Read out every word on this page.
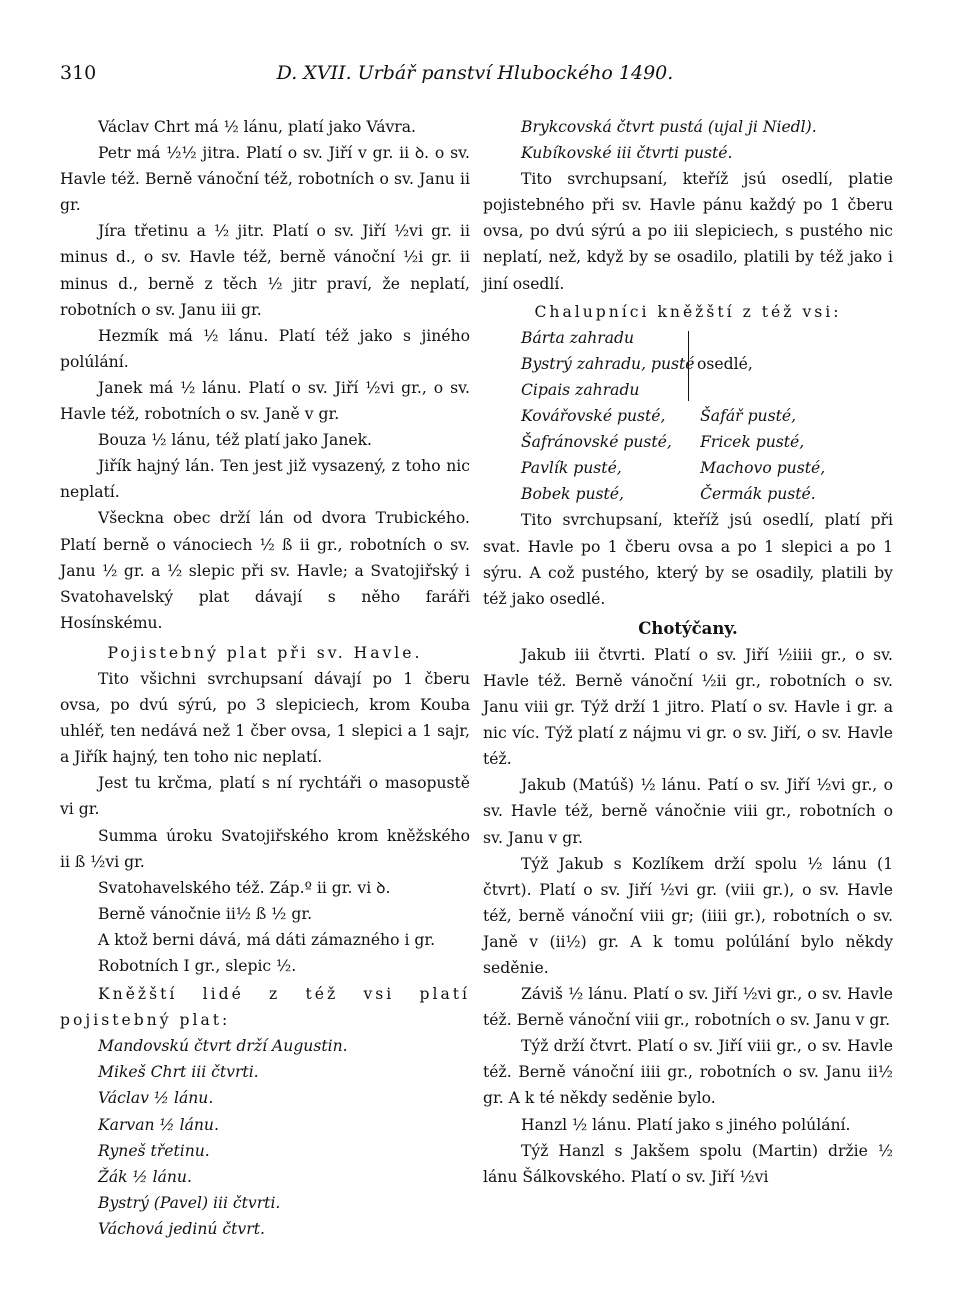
310	D. XVII. Urbář panství Hlubockého 1490.

Václav Chrt má ½ lánu, platí jako Vávra.

Petr má ½½ jitra. Platí o sv. Jiří v gr. ii ꝺ. o sv. Havle též. Berně vánoční též, robotních o sv. Janu ii gr.

Jíra třetinu a ½ jitr. Platí o sv. Jiří ½vi gr. ii minus d., o sv. Havle též, berně vánoční ½i gr. ii minus d., berně z těch ½ jitr praví, že neplatí, robotních o sv. Janu iii gr.

Hezmík má ½ lánu. Platí též jako s jiného polúlání.

Janek má ½ lánu. Platí o sv. Jiří ½vi gr., o sv. Havle též, robotních o sv. Janě v gr.

Bouza ½ lánu, též platí jako Janek.

Jiřík hajný lán. Ten jest již vysazený, z toho nic neplatí.

Všeckna obec drží lán od dvora Trubického. Platí berně o vánociech ½ ß ii gr., robotních o sv. Janu ½ gr. a ½ slepic při sv. Havle; a Svatojiřský i Svatohavelský plat dávají s něho faráři Hosínskému.

Pojistebný plat při sv. Havle.

Tito všichni svrchupsaní dávají po 1 čberu ovsa, po dvú sýrú, po 3 slepiciech, krom Kouba uhléř, ten nedává než 1 čber ovsa, 1 slepici a 1 sajr, a Jiřík hajný, ten toho nic neplatí.

Jest tu krčma, platí s ní rychtáři o masopustě vi gr.

Summa úroku Svatojiřského krom kněžského ii ß ½vi gr.

Svatohavelského též. Záp.º ii gr. vi ꝺ.

Berně vánočnie ii½ ß ½ gr.

A ktož berni dává, má dáti zámazného i gr.

Robotních I gr., slepic ½.

Kněžští lidé z též vsi platí pojistebný plat:

Mandovskú čtvrt drží Augustin.

Mikeš Chrt iii čtvrti.

Václav ½ lánu.

Karvan ½ lánu.

Ryneš třetinu.

Žák ½ lánu.

Bystrý (Pavel) iii čtvrti.

Váchová jedinú čtvrt.

Brykcovská čtvrt pustá (ujal ji Niedl).

Kubíkovské iii čtvrti pusté.

Tito svrchupsaní, kteříž jsú osedlí, platie pojistebného při sv. Havle pánu každý po 1 čberu ovsa, po dvú sýrú a po iii slepiciech, s pustého nic neplatí, než, když by se osadilo, platili by též jako i jiní osedlí.

Chalupníci kněžští z též vsi:

Bárta zahradu
Bystrý zahradu, pusté
Cipais zahradu
osedlé,
Kovářovské pusté,	Šafář pusté,
Šafránovské pusté,	Fricek pusté,
Pavlík pusté,	Machovo pusté,
Bobek pusté,	Čermák pusté.

Tito svrchupsaní, kteříž jsú osedlí, platí při svat. Havle po 1 čberu ovsa a po 1 slepici a po 1 sýru. A což pustého, který by se osadily, platili by též jako osedlé.

Chotýčany.

Jakub iii čtvrti. Platí o sv. Jiří ½iiii gr., o sv. Havle též. Berně vánoční ½ii gr., robotních o sv. Janu viii gr. Týž drží 1 jitro. Platí o sv. Havle i gr. a nic víc. Týž platí z nájmu vi gr. o sv. Jiří, o sv. Havle též.

Jakub (Matúš) ½ lánu. Patí o sv. Jiří ½vi gr., o sv. Havle též, berně vánočnie viii gr., robotních o sv. Janu v gr.

Týž Jakub s Kozlíkem drží spolu ½ lánu (1 čtvrt). Platí o sv. Jiří ½vi gr. (viii gr.), o sv. Havle též, berně vánoční viii gr; (iiii gr.), robotních o sv. Janě v (ii½) gr. A k tomu polúlání bylo někdy seděnie.

Záviš ½ lánu. Platí o sv. Jiří ½vi gr., o sv. Havle též. Berně vánoční viii gr., robotních o sv. Janu v gr.

Týž drží čtvrt. Platí o sv. Jiří viii gr., o sv. Havle též. Berně vánoční iiii gr., robotních o sv. Janu ii½ gr. A k té někdy seděnie bylo.

Hanzl ½ lánu. Platí jako s jiného polúlání.

Týž Hanzl s Jakšem spolu (Martin) držie ½ lánu Šálkovského. Platí o sv. Jiří ½vi
